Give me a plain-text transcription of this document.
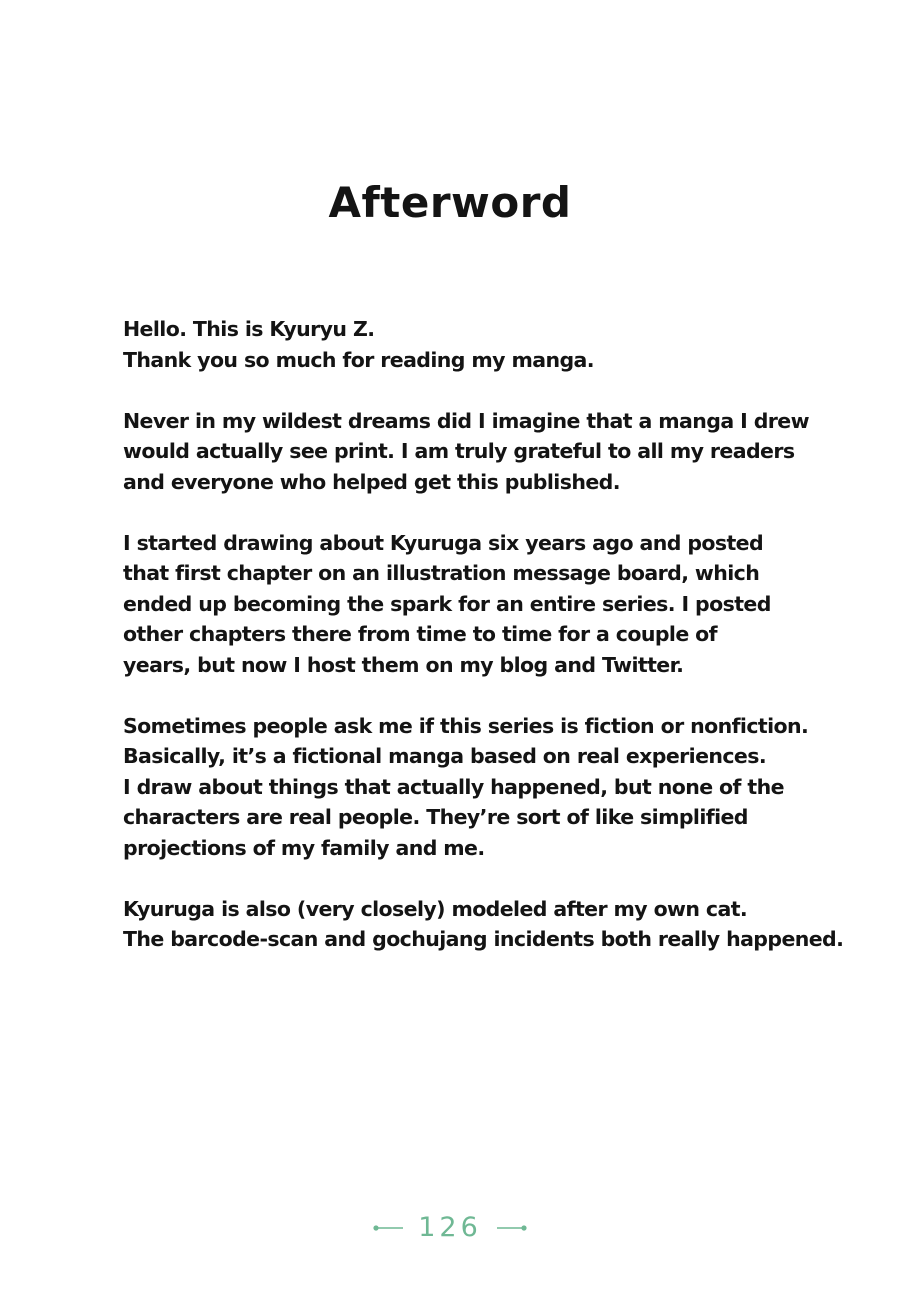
Afterword

Hello. This is Kyuryu Z.
Thank you so much for reading my manga.

Never in my wildest dreams did I imagine that a manga I drew
would actually see print. I am truly grateful to all my readers
and everyone who helped get this published.

I started drawing about Kyuruga six years ago and posted
that first chapter on an illustration message board, which
ended up becoming the spark for an entire series. I posted
other chapters there from time to time for a couple of
years, but now I host them on my blog and Twitter.

Sometimes people ask me if this series is fiction or nonfiction.
Basically, it’s a fictional manga based on real experiences.
I draw about things that actually happened, but none of the
characters are real people. They’re sort of like simplified
projections of my family and me.

Kyuruga is also (very closely) modeled after my own cat.
The barcode-scan and gochujang incidents both really happened.

126
